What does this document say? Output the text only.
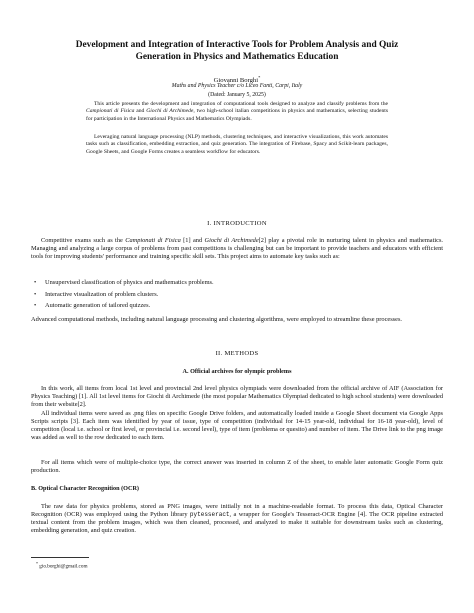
Development and Integration of Interactive Tools for Problem Analysis and Quiz
Generation in Physics and Mathematics Education
Giovanni Borghi*
Maths and Physics Teacher c/o Liceo Fanti, Carpi, Italy
(Dated: January 5, 2025)

This article presents the development and integration of computational tools designed to analyze and classify problems from the Campionati di Fisica and Giochi di Archimede, two high-school italian competitions in physics and mathematics, selecting students for participation in the International Physics and Mathematics Olympiads.

Leveraging natural language processing (NLP) methods, clustering techniques, and interactive visualizations, this work automates tasks such as classification, embedding extraction, and quiz generation. The integration of Firebase, Spacy and Scikit-learn packages, Google Sheets, and Google Forms creates a seamless workflow for educators.

I. INTRODUCTION

Competitive exams such as the Campionati di Fisica [1] and Giochi di Archimede[2] play a pivotal role in nurturing talent in physics and mathematics. Managing and analyzing a large corpus of problems from past competitions is challenging but can be important to provide teachers and educators with efficient tools for improving students' performance and training specific skill sets. This project aims to automate key tasks such as:

• Unsupervised classification of physics and mathematics problems.
• Interactive visualization of problem clusters.
• Automatic generation of tailored quizzes.

Advanced computational methods, including natural language processing and clustering algorithms, were employed to streamline these processes.

II. METHODS
A. Official archives for olympic problems

In this work, all items from local 1st level and provincial 2nd level physics olympiads were downloaded from the official archive of AIF (Association for Physics Teaching) [1]. All 1st level items for Giochi di Archimede (the most popular Mathematics Olympiad dedicated to high school students) were downloaded from their website[2].

All individual items were saved as .png files on specific Google Drive folders, and automatically loaded inside a Google Sheet document via Google Apps Scripts scripts [3]. Each item was identified by year of issue, type of competition (individual for 14-15 year-old, individual for 16-18 year-old), level of competiton (local i.e. school or first level, or provincial i.e. second level), type of item (problema or quesito) and number of item. The Drive link to the png image was added as well to the row dedicated to each item.

For all items which were of multiple-choice type, the correct answer was inserted in column Z of the sheet, to enable later automatic Google Form quiz production.

B. Optical Character Recognition (OCR)

The raw data for physics problems, stored as PNG images, were initially not in a machine-readable format. To process this data, Optical Character Recognition (OCR) was employed using the Python library pytesseract, a wrapper for Google's Tesseract-OCR Engine [4]. The OCR pipeline extracted textual content from the problem images, which was then cleaned, processed, and analyzed to make it suitable for downstream tasks such as clustering, embedding generation, and quiz creation.

* gio.borghi@gmail.com
